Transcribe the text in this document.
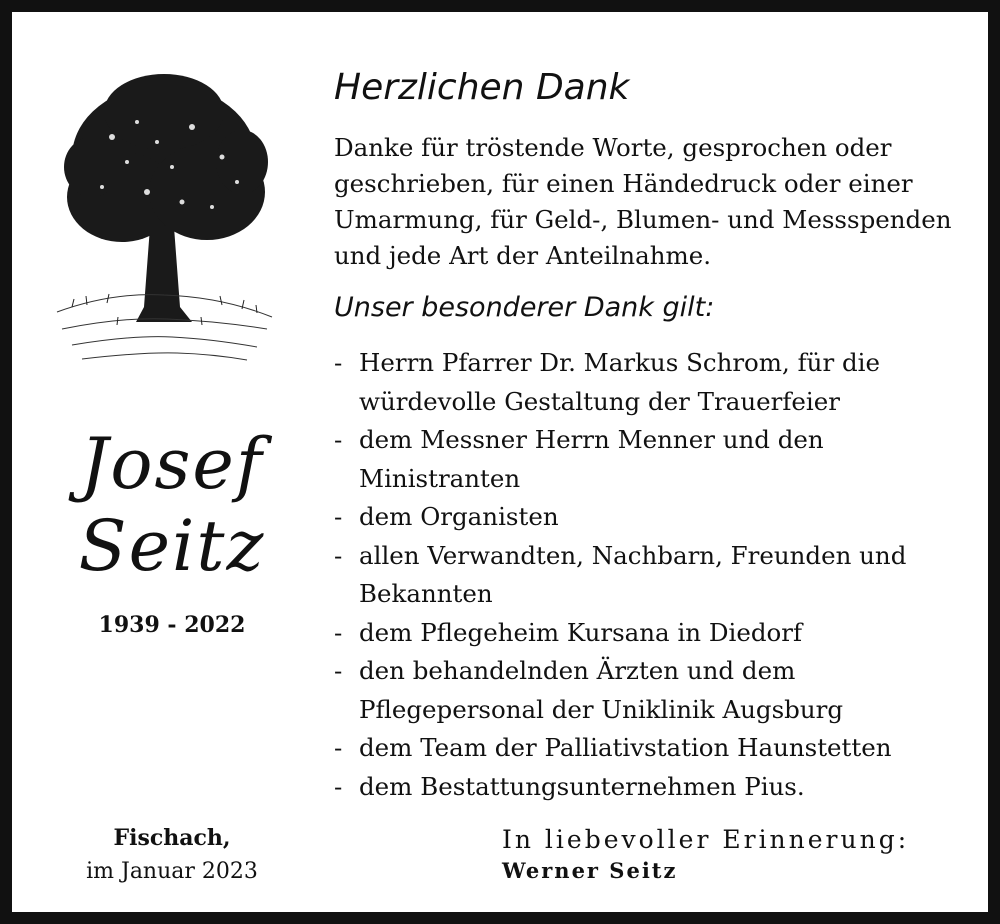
Josef
Seitz
1939 - 2022
Fischach,
im Januar 2023
Herzlichen Dank

Danke für tröstende Worte, gesprochen oder geschrieben, für einen Händedruck oder einer Umarmung, für Geld-, Blumen- und Messspenden und jede Art der Anteilnahme.

Unser besonderer Dank gilt:
- Herrn Pfarrer Dr. Markus Schrom, für die würdevolle Gestaltung der Trauerfeier
- dem Messner Herrn Menner und den Ministranten
- dem Organisten
- allen Verwandten, Nachbarn, Freunden und Bekannten
- dem Pflegeheim Kursana in Diedorf
- den behandelnden Ärzten und dem Pflegepersonal der Uniklinik Augsburg
- dem Team der Palliativstation Haunstetten
- dem Bestattungsunternehmen Pius.
In liebevoller Erinnerung:
Werner Seitz
